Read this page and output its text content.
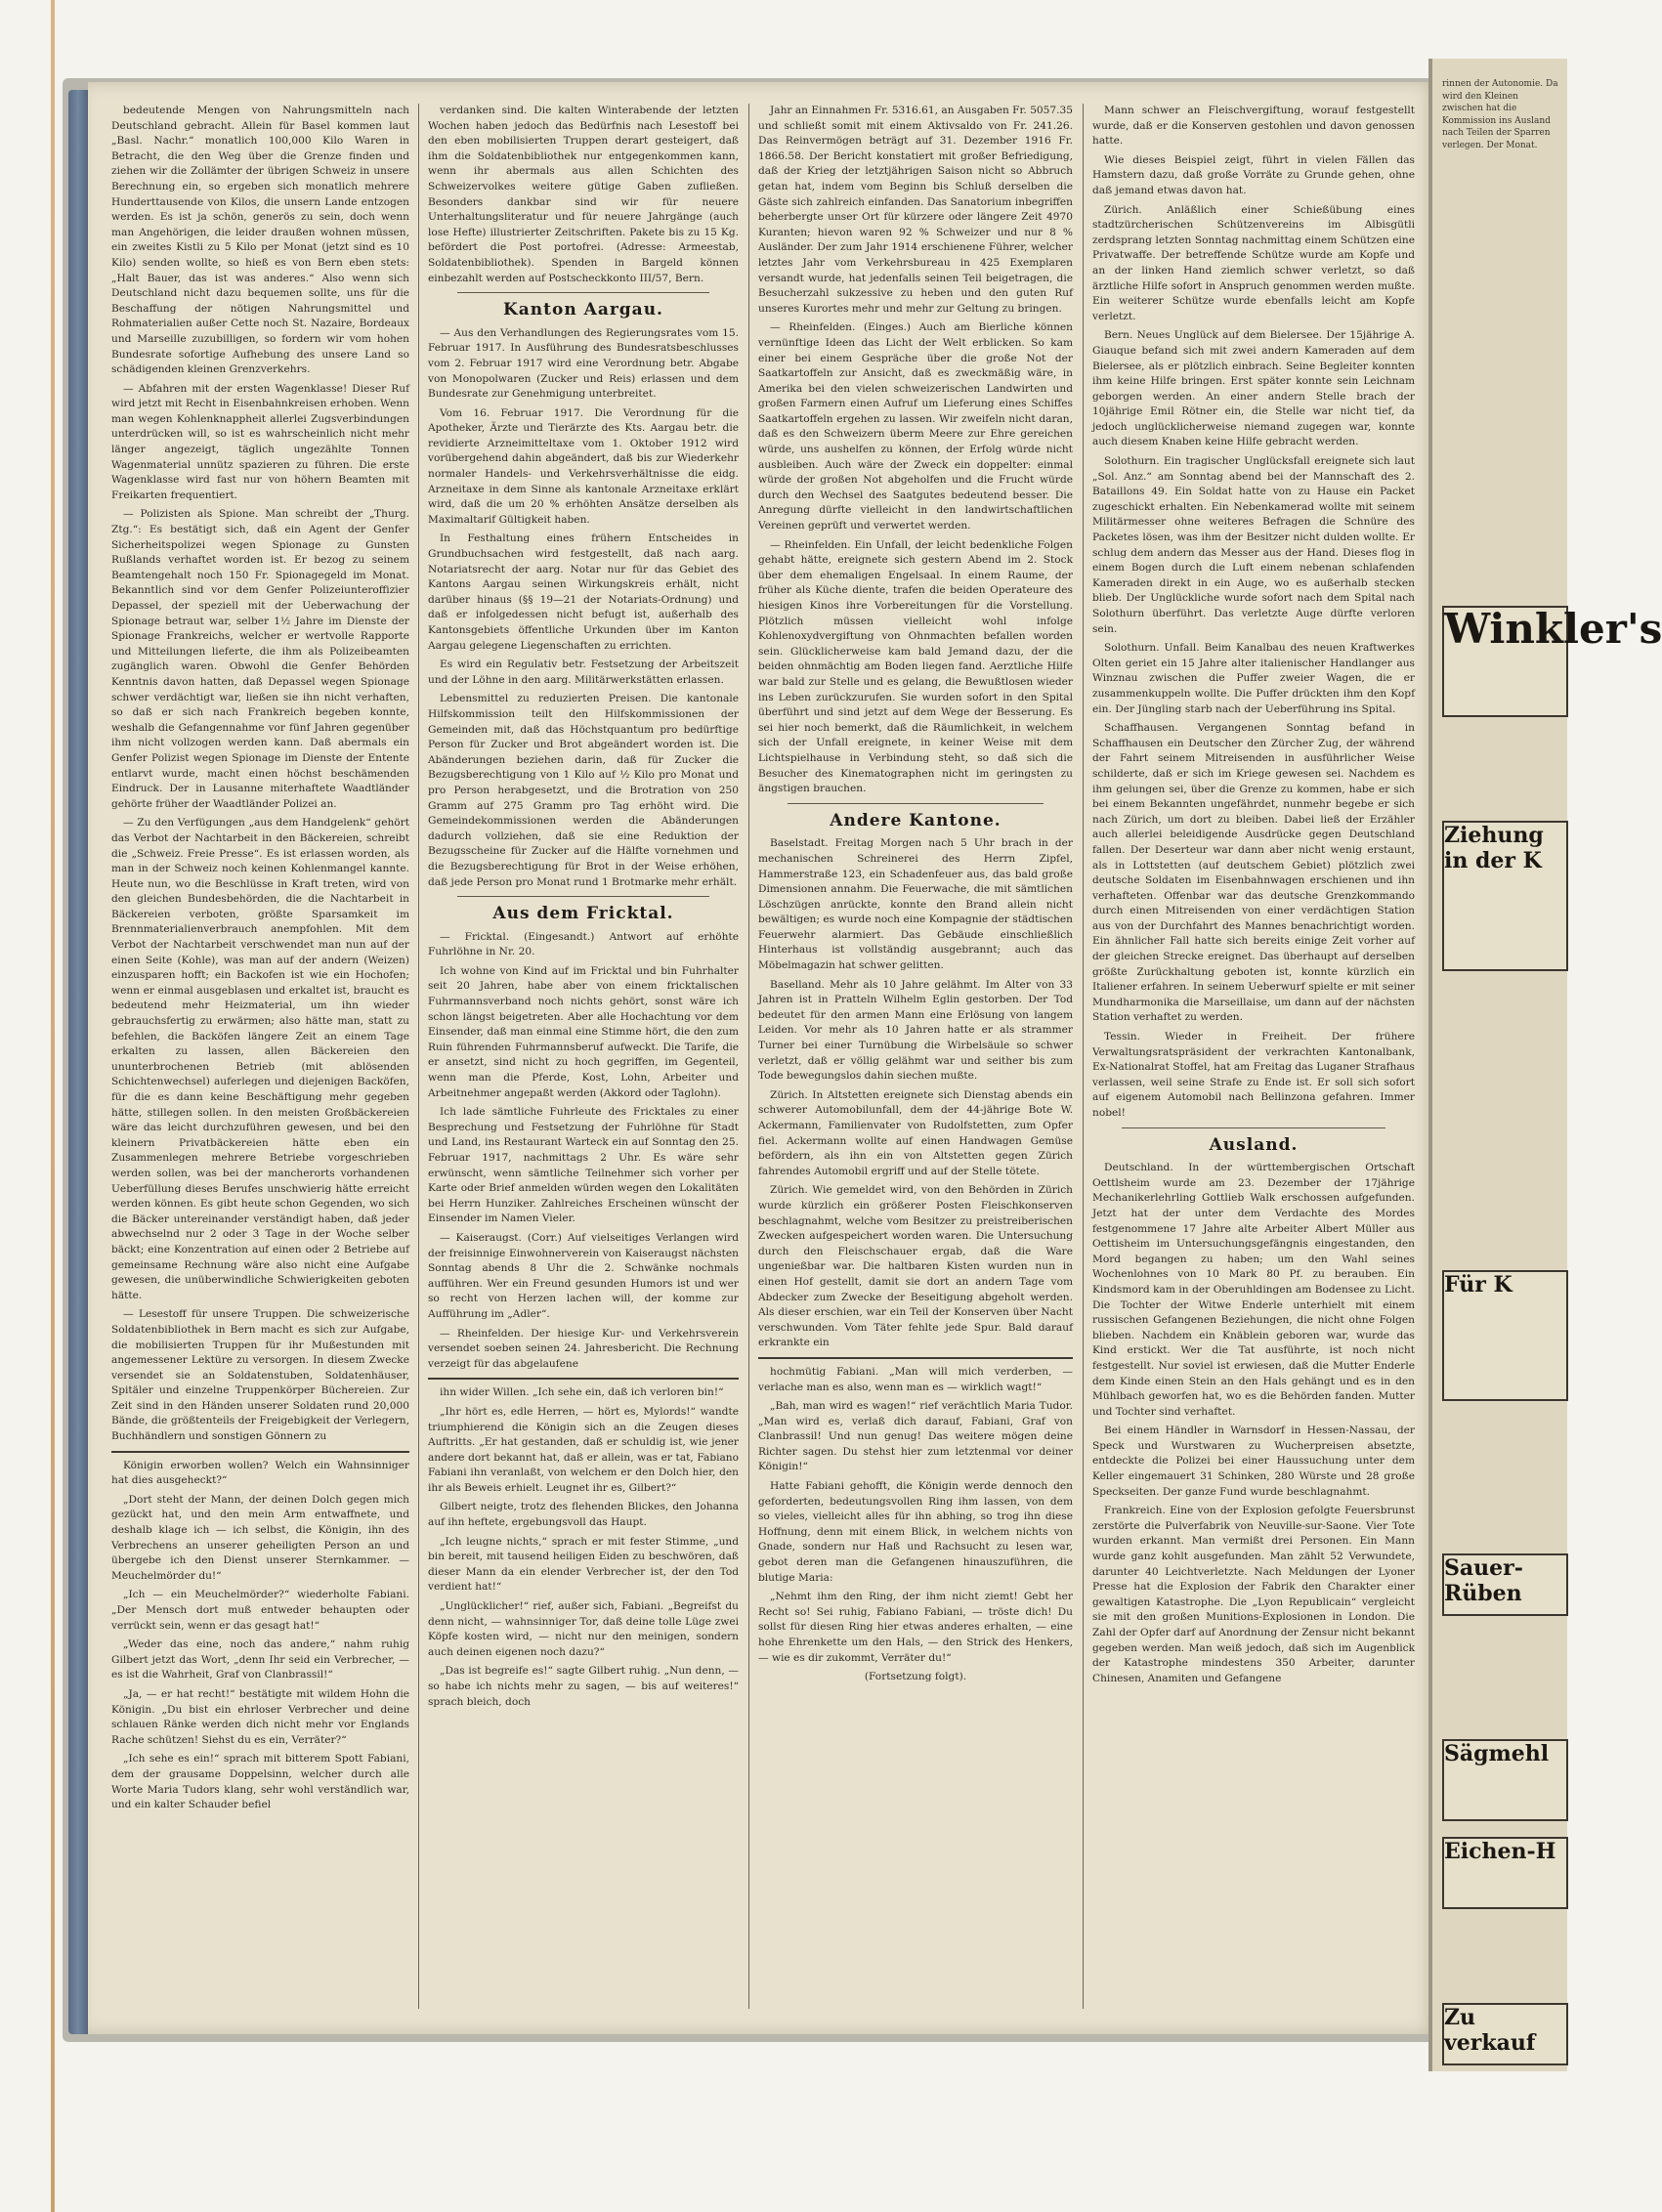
bedeutende Mengen von Nahrungsmitteln nach Deutschland gebracht. Allein für Basel kommen laut „Basl. Nachr.“ monatlich 100,000 Kilo Waren in Betracht, die den Weg über die Grenze finden und ziehen wir die Zollämter der übrigen Schweiz in unsere Berechnung ein, so ergeben sich monatlich mehrere Hunderttausende von Kilos, die unsern Lande entzogen werden. Es ist ja schön, generös zu sein, doch wenn man Angehörigen, die leider draußen wohnen müssen, ein zweites Kistli zu 5 Kilo per Monat (jetzt sind es 10 Kilo) senden wollte, so hieß es von Bern eben stets: „Halt Bauer, das ist was anderes.“ Also wenn sich Deutschland nicht dazu bequemen sollte, uns für die Beschaffung der nötigen Nahrungsmittel und Rohmaterialien außer Cette noch St. Nazaire, Bordeaux und Marseille zuzubilligen, so fordern wir vom hohen Bundesrate sofortige Aufhebung des unsere Land so schädigenden kleinen Grenzverkehrs.

— Abfahren mit der ersten Wagenklasse! Dieser Ruf wird jetzt mit Recht in Eisenbahnkreisen erhoben. Wenn man wegen Kohlenknappheit allerlei Zugsverbindungen unterdrücken will, so ist es wahrscheinlich nicht mehr länger angezeigt, täglich ungezählte Tonnen Wagenmaterial unnütz spazieren zu führen. Die erste Wagenklasse wird fast nur von höhern Beamten mit Freikarten frequentiert.

— Polizisten als Spione. Man schreibt der „Thurg. Ztg.“: Es bestätigt sich, daß ein Agent der Genfer Sicherheitspolizei wegen Spionage zu Gunsten Rußlands verhaftet worden ist. Er bezog zu seinem Beamtengehalt noch 150 Fr. Spionagegeld im Monat. Bekanntlich sind vor dem Genfer Polizeiunteroffizier Depassel, der speziell mit der Ueberwachung der Spionage betraut war, selber 1½ Jahre im Dienste der Spionage Frankreichs, welcher er wertvolle Rapporte und Mitteilungen lieferte, die ihm als Polizeibeamten zugänglich waren. Obwohl die Genfer Behörden Kenntnis davon hatten, daß Depassel wegen Spionage schwer verdächtigt war, ließen sie ihn nicht verhaften, so daß er sich nach Frankreich begeben konnte, weshalb die Gefangennahme vor fünf Jahren gegenüber ihm nicht vollzogen werden kann. Daß abermals ein Genfer Polizist wegen Spionage im Dienste der Entente entlarvt wurde, macht einen höchst beschämenden Eindruck. Der in Lausanne miterhaftete Waadtländer gehörte früher der Waadtländer Polizei an.

— Zu den Verfügungen „aus dem Handgelenk“ gehört das Verbot der Nachtarbeit in den Bäckereien, schreibt die „Schweiz. Freie Presse“. Es ist erlassen worden, als man in der Schweiz noch keinen Kohlenmangel kannte. Heute nun, wo die Beschlüsse in Kraft treten, wird von den gleichen Bundesbehörden, die die Nachtarbeit in Bäckereien verboten, größte Sparsamkeit im Brennmaterialienverbrauch anempfohlen. Mit dem Verbot der Nachtarbeit verschwendet man nun auf der einen Seite (Kohle), was man auf der andern (Weizen) einzusparen hofft; ein Backofen ist wie ein Hochofen; wenn er einmal ausgeblasen und erkaltet ist, braucht es bedeutend mehr Heizmaterial, um ihn wieder gebrauchsfertig zu erwärmen; also hätte man, statt zu befehlen, die Backöfen längere Zeit an einem Tage erkalten zu lassen, allen Bäckereien den ununterbrochenen Betrieb (mit ablösenden Schichtenwechsel) auferlegen und diejenigen Backöfen, für die es dann keine Beschäftigung mehr gegeben hätte, stillegen sollen. In den meisten Großbäckereien wäre das leicht durchzuführen gewesen, und bei den kleinern Privatbäckereien hätte eben ein Zusammenlegen mehrere Betriebe vorgeschrieben werden sollen, was bei der mancherorts vorhandenen Ueberfüllung dieses Berufes unschwierig hätte erreicht werden können. Es gibt heute schon Gegenden, wo sich die Bäcker untereinander verständigt haben, daß jeder abwechselnd nur 2 oder 3 Tage in der Woche selber bäckt; eine Konzentration auf einen oder 2 Betriebe auf gemeinsame Rechnung wäre also nicht eine Aufgabe gewesen, die unüberwindliche Schwierigkeiten geboten hätte.

— Lesestoff für unsere Truppen. Die schweizerische Soldatenbibliothek in Bern macht es sich zur Aufgabe, die mobilisierten Truppen für ihr Mußestunden mit angemessener Lektüre zu versorgen. In diesem Zwecke versendet sie an Soldatenstuben, Soldatenhäuser, Spitäler und einzelne Truppenkörper Büchereien. Zur Zeit sind in den Händen unserer Soldaten rund 20,000 Bände, die größtenteils der Freigebigkeit der Verlegern, Buchhändlern und sonstigen Gönnern zu

Königin erworben wollen? Welch ein Wahnsinniger hat dies ausgeheckt?“

„Dort steht der Mann, der deinen Dolch gegen mich gezückt hat, und den mein Arm entwaffnete, und deshalb klage ich — ich selbst, die Königin, ihn des Verbrechens an unserer geheiligten Person an und übergebe ich den Dienst unserer Sternkammer. — Meuchelmörder du!“

„Ich — ein Meuchelmörder?“ wiederholte Fabiani. „Der Mensch dort muß entweder behaupten oder verrückt sein, wenn er das gesagt hat!“

„Weder das eine, noch das andere,“ nahm ruhig Gilbert jetzt das Wort, „denn Ihr seid ein Verbrecher, — es ist die Wahrheit, Graf von Clanbrassil!“

„Ja, — er hat recht!“ bestätigte mit wildem Hohn die Königin. „Du bist ein ehrloser Verbrecher und deine schlauen Ränke werden dich nicht mehr vor Englands Rache schützen! Siehst du es ein, Verräter?“

„Ich sehe es ein!“ sprach mit bitterem Spott Fabiani, dem der grausame Doppelsinn, welcher durch alle Worte Maria Tudors klang, sehr wohl verständlich war, und ein kalter Schauder befiel

verdanken sind. Die kalten Winterabende der letzten Wochen haben jedoch das Bedürfnis nach Lesestoff bei den eben mobilisierten Truppen derart gesteigert, daß ihm die Soldatenbibliothek nur entgegenkommen kann, wenn ihr abermals aus allen Schichten des Schweizervolkes weitere gütige Gaben zufließen. Besonders dankbar sind wir für neuere Unterhaltungsliteratur und für neuere Jahrgänge (auch lose Hefte) illustrierter Zeitschriften. Pakete bis zu 15 Kg. befördert die Post portofrei. (Adresse: Armeestab, Soldatenbibliothek). Spenden in Bargeld können einbezahlt werden auf Postscheckkonto III/57, Bern.

Kanton Aargau.

— Aus den Verhandlungen des Regierungsrates vom 15. Februar 1917. In Ausführung des Bundesratsbeschlusses vom 2. Februar 1917 wird eine Verordnung betr. Abgabe von Monopolwaren (Zucker und Reis) erlassen und dem Bundesrate zur Genehmigung unterbreitet.

Vom 16. Februar 1917. Die Verordnung für die Apotheker, Ärzte und Tierärzte des Kts. Aargau betr. die revidierte Arzneimitteltaxe vom 1. Oktober 1912 wird vorübergehend dahin abgeändert, daß bis zur Wiederkehr normaler Handels- und Verkehrsverhältnisse die eidg. Arzneitaxe in dem Sinne als kantonale Arzneitaxe erklärt wird, daß die um 20 % erhöhten Ansätze derselben als Maximaltarif Gültigkeit haben.

In Festhaltung eines frühern Entscheides in Grundbuchsachen wird festgestellt, daß nach aarg. Notariatsrecht der aarg. Notar nur für das Gebiet des Kantons Aargau seinen Wirkungskreis erhält, nicht darüber hinaus (§§ 19—21 der Notariats-Ordnung) und daß er infolgedessen nicht befugt ist, außerhalb des Kantonsgebiets öffentliche Urkunden über im Kanton Aargau gelegene Liegenschaften zu errichten.

Es wird ein Regulativ betr. Festsetzung der Arbeitszeit und der Löhne in den aarg. Militärwerkstätten erlassen.

Lebensmittel zu reduzierten Preisen. Die kantonale Hilfskommission teilt den Hilfskommissionen der Gemeinden mit, daß das Höchstquantum pro bedürftige Person für Zucker und Brot abgeändert worden ist. Die Abänderungen beziehen darin, daß für Zucker die Bezugsberechtigung von 1 Kilo auf ½ Kilo pro Monat und pro Person herabgesetzt, und die Brotration von 250 Gramm auf 275 Gramm pro Tag erhöht wird. Die Gemeindekommissionen werden die Abänderungen dadurch vollziehen, daß sie eine Reduktion der Bezugsscheine für Zucker auf die Hälfte vornehmen und die Bezugsberechtigung für Brot in der Weise erhöhen, daß jede Person pro Monat rund 1 Brotmarke mehr erhält.

Aus dem Fricktal.

— Fricktal. (Eingesandt.) Antwort auf erhöhte Fuhrlöhne in Nr. 20.

Ich wohne von Kind auf im Fricktal und bin Fuhrhalter seit 20 Jahren, habe aber von einem fricktalischen Fuhrmannsverband noch nichts gehört, sonst wäre ich schon längst beigetreten. Aber alle Hochachtung vor dem Einsender, daß man einmal eine Stimme hört, die den zum Ruin führenden Fuhrmannsberuf aufweckt. Die Tarife, die er ansetzt, sind nicht zu hoch gegriffen, im Gegenteil, wenn man die Pferde, Kost, Lohn, Arbeiter und Arbeitnehmer angepaßt werden (Akkord oder Taglohn).

Ich lade sämtliche Fuhrleute des Fricktales zu einer Besprechung und Festsetzung der Fuhrlöhne für Stadt und Land, ins Restaurant Warteck ein auf Sonntag den 25. Februar 1917, nachmittags 2 Uhr. Es wäre sehr erwünscht, wenn sämtliche Teilnehmer sich vorher per Karte oder Brief anmelden würden wegen den Lokalitäten bei Herrn Hunziker. Zahlreiches Erscheinen wünscht der Einsender im Namen Vieler.

— Kaiseraugst. (Corr.) Auf vielseitiges Verlangen wird der freisinnige Einwohnerverein von Kaiseraugst nächsten Sonntag abends 8 Uhr die 2. Schwänke nochmals aufführen. Wer ein Freund gesunden Humors ist und wer so recht von Herzen lachen will, der komme zur Aufführung im „Adler“.

— Rheinfelden. Der hiesige Kur- und Verkehrsverein versendet soeben seinen 24. Jahresbericht. Die Rechnung verzeigt für das abgelaufene

ihn wider Willen. „Ich sehe ein, daß ich verloren bin!“

„Ihr hört es, edle Herren, — hört es, Mylords!“ wandte triumphierend die Königin sich an die Zeugen dieses Auftritts. „Er hat gestanden, daß er schuldig ist, wie jener andere dort bekannt hat, daß er allein, was er tat, Fabiano Fabiani ihn veranlaßt, von welchem er den Dolch hier, den ihr als Beweis erhielt. Leugnet ihr es, Gilbert?“

Gilbert neigte, trotz des flehenden Blickes, den Johanna auf ihn heftete, ergebungsvoll das Haupt.

„Ich leugne nichts,“ sprach er mit fester Stimme, „und bin bereit, mit tausend heiligen Eiden zu beschwören, daß dieser Mann da ein elender Verbrecher ist, der den Tod verdient hat!“

„Unglücklicher!“ rief, außer sich, Fabiani. „Begreifst du denn nicht, — wahnsinniger Tor, daß deine tolle Lüge zwei Köpfe kosten wird, — nicht nur den meinigen, sondern auch deinen eigenen noch dazu?“

„Das ist begreife es!“ sagte Gilbert ruhig. „Nun denn, — so habe ich nichts mehr zu sagen, — bis auf weiteres!“ sprach bleich, doch

Jahr an Einnahmen Fr. 5316.61, an Ausgaben Fr. 5057.35 und schließt somit mit einem Aktivsaldo von Fr. 241.26. Das Reinvermögen beträgt auf 31. Dezember 1916 Fr. 1866.58. Der Bericht konstatiert mit großer Befriedigung, daß der Krieg der letztjährigen Saison nicht so Abbruch getan hat, indem vom Beginn bis Schluß derselben die Gäste sich zahlreich einfanden. Das Sanatorium inbegriffen beherbergte unser Ort für kürzere oder längere Zeit 4970 Kuranten; hievon waren 92 % Schweizer und nur 8 % Ausländer. Der zum Jahr 1914 erschienene Führer, welcher letztes Jahr vom Verkehrsbureau in 425 Exemplaren versandt wurde, hat jedenfalls seinen Teil beigetragen, die Besucherzahl sukzessive zu heben und den guten Ruf unseres Kurortes mehr und mehr zur Geltung zu bringen.

— Rheinfelden. (Einges.) Auch am Bierliche können vernünftige Ideen das Licht der Welt erblicken. So kam einer bei einem Gespräche über die große Not der Saatkartoffeln zur Ansicht, daß es zweckmäßig wäre, in Amerika bei den vielen schweizerischen Landwirten und großen Farmern einen Aufruf um Lieferung eines Schiffes Saatkartoffeln ergehen zu lassen. Wir zweifeln nicht daran, daß es den Schweizern überm Meere zur Ehre gereichen würde, uns aushelfen zu können, der Erfolg würde nicht ausbleiben. Auch wäre der Zweck ein doppelter: einmal würde der großen Not abgeholfen und die Frucht würde durch den Wechsel des Saatgutes bedeutend besser. Die Anregung dürfte vielleicht in den landwirtschaftlichen Vereinen geprüft und verwertet werden.

— Rheinfelden. Ein Unfall, der leicht bedenkliche Folgen gehabt hätte, ereignete sich gestern Abend im 2. Stock über dem ehemaligen Engelsaal. In einem Raume, der früher als Küche diente, trafen die beiden Operateure des hiesigen Kinos ihre Vorbereitungen für die Vorstellung. Plötzlich müssen vielleicht wohl infolge Kohlenoxydvergiftung von Ohnmachten befallen worden sein. Glücklicherweise kam bald Jemand dazu, der die beiden ohnmächtig am Boden liegen fand. Aerztliche Hilfe war bald zur Stelle und es gelang, die Bewußtlosen wieder ins Leben zurückzurufen. Sie wurden sofort in den Spital überführt und sind jetzt auf dem Wege der Besserung. Es sei hier noch bemerkt, daß die Räumlichkeit, in welchem sich der Unfall ereignete, in keiner Weise mit dem Lichtspielhause in Verbindung steht, so daß sich die Besucher des Kinematographen nicht im geringsten zu ängstigen brauchen.

Andere Kantone.

Baselstadt. Freitag Morgen nach 5 Uhr brach in der mechanischen Schreinerei des Herrn Zipfel, Hammerstraße 123, ein Schadenfeuer aus, das bald große Dimensionen annahm. Die Feuerwache, die mit sämtlichen Löschzügen anrückte, konnte den Brand allein nicht bewältigen; es wurde noch eine Kompagnie der städtischen Feuerwehr alarmiert. Das Gebäude einschließlich Hinterhaus ist vollständig ausgebrannt; auch das Möbelmagazin hat schwer gelitten.

Baselland. Mehr als 10 Jahre gelähmt. Im Alter von 33 Jahren ist in Pratteln Wilhelm Eglin gestorben. Der Tod bedeutet für den armen Mann eine Erlösung von langem Leiden. Vor mehr als 10 Jahren hatte er als strammer Turner bei einer Turnübung die Wirbelsäule so schwer verletzt, daß er völlig gelähmt war und seither bis zum Tode bewegungslos dahin siechen mußte.

Zürich. In Altstetten ereignete sich Dienstag abends ein schwerer Automobilunfall, dem der 44-jährige Bote W. Ackermann, Familienvater von Rudolfstetten, zum Opfer fiel. Ackermann wollte auf einen Handwagen Gemüse befördern, als ihn ein von Altstetten gegen Zürich fahrendes Automobil ergriff und auf der Stelle tötete.

Zürich. Wie gemeldet wird, von den Behörden in Zürich wurde kürzlich ein größerer Posten Fleischkonserven beschlagnahmt, welche vom Besitzer zu preistreiberischen Zwecken aufgespeichert worden waren. Die Untersuchung durch den Fleischschauer ergab, daß die Ware ungenießbar war. Die haltbaren Kisten wurden nun in einen Hof gestellt, damit sie dort an andern Tage vom Abdecker zum Zwecke der Beseitigung abgeholt werden. Als dieser erschien, war ein Teil der Konserven über Nacht verschwunden. Vom Täter fehlte jede Spur. Bald darauf erkrankte ein

hochmütig Fabiani. „Man will mich verderben, — verlache man es also, wenn man es — wirklich wagt!“

„Bah, man wird es wagen!“ rief verächtlich Maria Tudor. „Man wird es, verlaß dich darauf, Fabiani, Graf von Clanbrassil! Und nun genug! Das weitere mögen deine Richter sagen. Du stehst hier zum letztenmal vor deiner Königin!“

Hatte Fabiani gehofft, die Königin werde dennoch den geforderten, bedeutungsvollen Ring ihm lassen, von dem so vieles, vielleicht alles für ihn abhing, so trog ihn diese Hoffnung, denn mit einem Blick, in welchem nichts von Gnade, sondern nur Haß und Rachsucht zu lesen war, gebot deren man die Gefangenen hinauszuführen, die blutige Maria:

„Nehmt ihm den Ring, der ihm nicht ziemt! Gebt her Recht so! Sei ruhig, Fabiano Fabiani, — tröste dich! Du sollst für diesen Ring hier etwas anderes erhalten, — eine hohe Ehrenkette um den Hals, — den Strick des Henkers, — wie es dir zukommt, Verräter du!“

(Fortsetzung folgt).

Mann schwer an Fleischvergiftung, worauf festgestellt wurde, daß er die Konserven gestohlen und davon genossen hatte.

Wie dieses Beispiel zeigt, führt in vielen Fällen das Hamstern dazu, daß große Vorräte zu Grunde gehen, ohne daß jemand etwas davon hat.

Zürich. Anläßlich einer Schießübung eines stadtzürcherischen Schützenvereins im Albisgütli zerdsprang letzten Sonntag nachmittag einem Schützen eine Privatwaffe. Der betreffende Schütze wurde am Kopfe und an der linken Hand ziemlich schwer verletzt, so daß ärztliche Hilfe sofort in Anspruch genommen werden mußte. Ein weiterer Schütze wurde ebenfalls leicht am Kopfe verletzt.

Bern. Neues Unglück auf dem Bielersee. Der 15jährige A. Giauque befand sich mit zwei andern Kameraden auf dem Bielersee, als er plötzlich einbrach. Seine Begleiter konnten ihm keine Hilfe bringen. Erst später konnte sein Leichnam geborgen werden. An einer andern Stelle brach der 10jährige Emil Rötner ein, die Stelle war nicht tief, da jedoch unglücklicherweise niemand zugegen war, konnte auch diesem Knaben keine Hilfe gebracht werden.

Solothurn. Ein tragischer Unglücksfall ereignete sich laut „Sol. Anz.“ am Sonntag abend bei der Mannschaft des 2. Bataillons 49. Ein Soldat hatte von zu Hause ein Packet zugeschickt erhalten. Ein Nebenkamerad wollte mit seinem Militärmesser ohne weiteres Befragen die Schnüre des Packetes lösen, was ihm der Besitzer nicht dulden wollte. Er schlug dem andern das Messer aus der Hand. Dieses flog in einem Bogen durch die Luft einem nebenan schlafenden Kameraden direkt in ein Auge, wo es außerhalb stecken blieb. Der Unglückliche wurde sofort nach dem Spital nach Solothurn überführt. Das verletzte Auge dürfte verloren sein.

Solothurn. Unfall. Beim Kanalbau des neuen Kraftwerkes Olten geriet ein 15 Jahre alter italienischer Handlanger aus Winznau zwischen die Puffer zweier Wagen, die er zusammenkuppeln wollte. Die Puffer drückten ihm den Kopf ein. Der Jüngling starb nach der Ueberführung ins Spital.

Schaffhausen. Vergangenen Sonntag befand in Schaffhausen ein Deutscher den Zürcher Zug, der während der Fahrt seinem Mitreisenden in ausführlicher Weise schilderte, daß er sich im Kriege gewesen sei. Nachdem es ihm gelungen sei, über die Grenze zu kommen, habe er sich bei einem Bekannten ungefährdet, nunmehr begebe er sich nach Zürich, um dort zu bleiben. Dabei ließ der Erzähler auch allerlei beleidigende Ausdrücke gegen Deutschland fallen. Der Deserteur war dann aber nicht wenig erstaunt, als in Lottstetten (auf deutschem Gebiet) plötzlich zwei deutsche Soldaten im Eisenbahnwagen erschienen und ihn verhafteten. Offenbar war das deutsche Grenzkommando durch einen Mitreisenden von einer verdächtigen Station aus von der Durchfahrt des Mannes benachrichtigt worden. Ein ähnlicher Fall hatte sich bereits einige Zeit vorher auf der gleichen Strecke ereignet. Das überhaupt auf derselben größte Zurückhaltung geboten ist, konnte kürzlich ein Italiener erfahren. In seinem Ueberwurf spielte er mit seiner Mundharmonika die Marseillaise, um dann auf der nächsten Station verhaftet zu werden.

Tessin. Wieder in Freiheit. Der frühere Verwaltungsratspräsident der verkrachten Kantonalbank, Ex-Nationalrat Stoffel, hat am Freitag das Luganer Strafhaus verlassen, weil seine Strafe zu Ende ist. Er soll sich sofort auf eigenem Automobil nach Bellinzona gefahren. Immer nobel!

Ausland.

Deutschland. In der württembergischen Ortschaft Oettlsheim wurde am 23. Dezember der 17jährige Mechanikerlehrling Gottlieb Walk erschossen aufgefunden. Jetzt hat der unter dem Verdachte des Mordes festgenommene 17 Jahre alte Arbeiter Albert Müller aus Oettisheim im Untersuchungsgefängnis eingestanden, den Mord begangen zu haben; um den Wahl seines Wochenlohnes von 10 Mark 80 Pf. zu berauben. Ein Kindsmord kam in der Oberuhldingen am Bodensee zu Licht. Die Tochter der Witwe Enderle unterhielt mit einem russischen Gefangenen Beziehungen, die nicht ohne Folgen blieben. Nachdem ein Knäblein geboren war, wurde das Kind erstickt. Wer die Tat ausführte, ist noch nicht festgestellt. Nur soviel ist erwiesen, daß die Mutter Enderle dem Kinde einen Stein an den Hals gehängt und es in den Mühlbach geworfen hat, wo es die Behörden fanden. Mutter und Tochter sind verhaftet.

Bei einem Händler in Warnsdorf in Hessen-Nassau, der Speck und Wurstwaren zu Wucherpreisen absetzte, entdeckte die Polizei bei einer Haussuchung unter dem Keller eingemauert 31 Schinken, 280 Würste und 28 große Speckseiten. Der ganze Fund wurde beschlagnahmt.

Frankreich. Eine von der Explosion gefolgte Feuersbrunst zerstörte die Pulverfabrik von Neuville-sur-Saone. Vier Tote wurden erkannt. Man vermißt drei Personen. Ein Mann wurde ganz kohlt ausgefunden. Man zählt 52 Verwundete, darunter 40 Leichtverletzte. Nach Meldungen der Lyoner Presse hat die Explosion der Fabrik den Charakter einer gewaltigen Katastrophe. Die „Lyon Republicain“ vergleicht sie mit den großen Munitions-Explosionen in London. Die Zahl der Opfer darf auf Anordnung der Zensur nicht bekannt gegeben werden. Man weiß jedoch, daß sich im Augenblick der Katastrophe mindestens 350 Arbeiter, darunter Chinesen, Anamiten und Gefangene

rinnen der Autonomie. Da wird den Kleinen zwischen hat die Kommission ins Ausland nach Teilen der Sparren verlegen. Der Monat.
Winkler's
Ziehung
in der K
Für K
Sauer-Rüben
Sägmehl
Eichen-H
Zu verkauf
